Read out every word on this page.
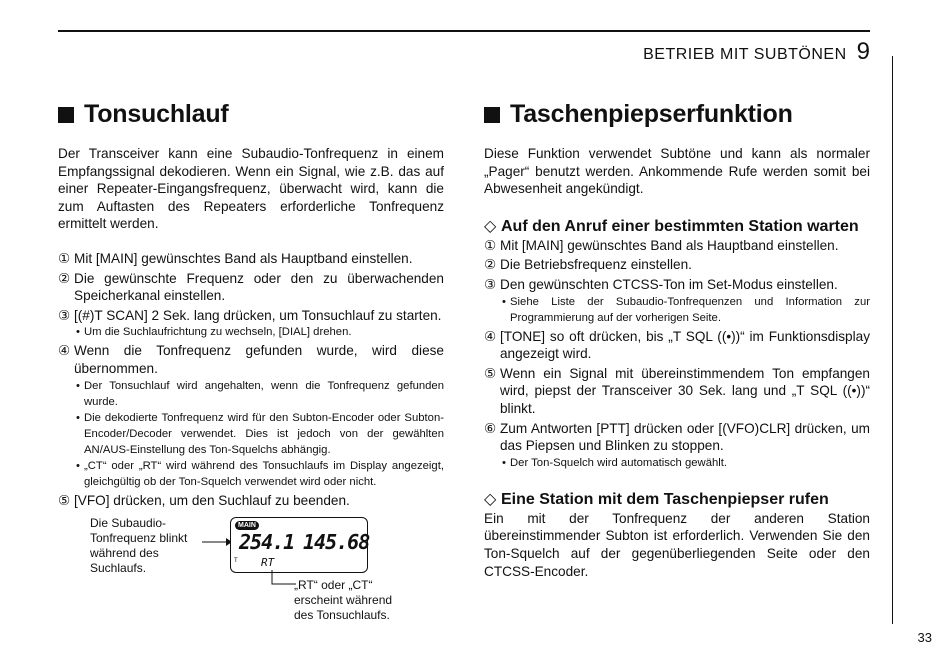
BETRIEB MIT SUBTÖNEN 9
33
Tonsuchlauf

Der Transceiver kann eine Subaudio-Tonfrequenz in einem Empfangssignal dekodieren. Wenn ein Signal, wie z.B. das auf einer Repeater-Eingangsfrequenz, überwacht wird, kann die zum Auftasten des Repeaters erforderliche Tonfrequenz ermittelt werden.

① Mit [MAIN] gewünschtes Band als Hauptband einstellen.
② Die gewünschte Frequenz oder den zu überwachenden Speicherkanal einstellen.
③ [(#)T SCAN] 2 Sek. lang drücken, um Tonsuchlauf zu starten.
• Um die Suchlaufrichtung zu wechseln, [DIAL] drehen.
④ Wenn die Tonfrequenz gefunden wurde, wird diese übernommen.
• Der Tonsuchlauf wird angehalten, wenn die Tonfrequenz gefunden wurde.
• Die dekodierte Tonfrequenz wird für den Subton-Encoder oder Subton-Encoder/Decoder verwendet. Dies ist jedoch von der gewählten AN/AUS-Einstellung des Ton-Squelchs abhängig.
• „CT“ oder „RT“ wird während des Tonsuchlaufs im Display angezeigt, gleichgültig ob der Ton-Squelch verwendet wird oder nicht.
⑤ [VFO] drücken, um den Suchlauf zu beenden.
Die Subaudio-Tonfrequenz blinkt während des Suchlaufs.
MAIN
254.1 145.68
T RT
„RT“ oder „CT“ erscheint während des Tonsuchlaufs.
Taschenpiepserfunktion

Diese Funktion verwendet Subtöne und kann als normaler „Pager“ benutzt werden. Ankommende Rufe werden somit bei Abwesenheit angekündigt.

◇ Auf den Anruf einer bestimmten Station warten
① Mit [MAIN] gewünschtes Band als Hauptband einstellen.
② Die Betriebsfrequenz einstellen.
③ Den gewünschten CTCSS-Ton im Set-Modus einstellen.
• Siehe Liste der Subaudio-Tonfrequenzen und Information zur Programmierung auf der vorherigen Seite.
④ [TONE] so oft drücken, bis „T SQL ((•))“ im Funktionsdisplay angezeigt wird.
⑤ Wenn ein Signal mit übereinstimmendem Ton empfangen wird, piepst der Transceiver 30 Sek. lang und „T SQL ((•))“ blinkt.
⑥ Zum Antworten [PTT] drücken oder [(VFO)CLR] drücken, um das Piepsen und Blinken zu stoppen.
• Der Ton-Squelch wird automatisch gewählt.
◇ Eine Station mit dem Taschenpiepser rufen

Ein mit der Tonfrequenz der anderen Station übereinstimmender Subton ist erforderlich. Verwenden Sie den Ton-Squelch auf der gegenüberliegenden Seite oder den CTCSS-Encoder.
